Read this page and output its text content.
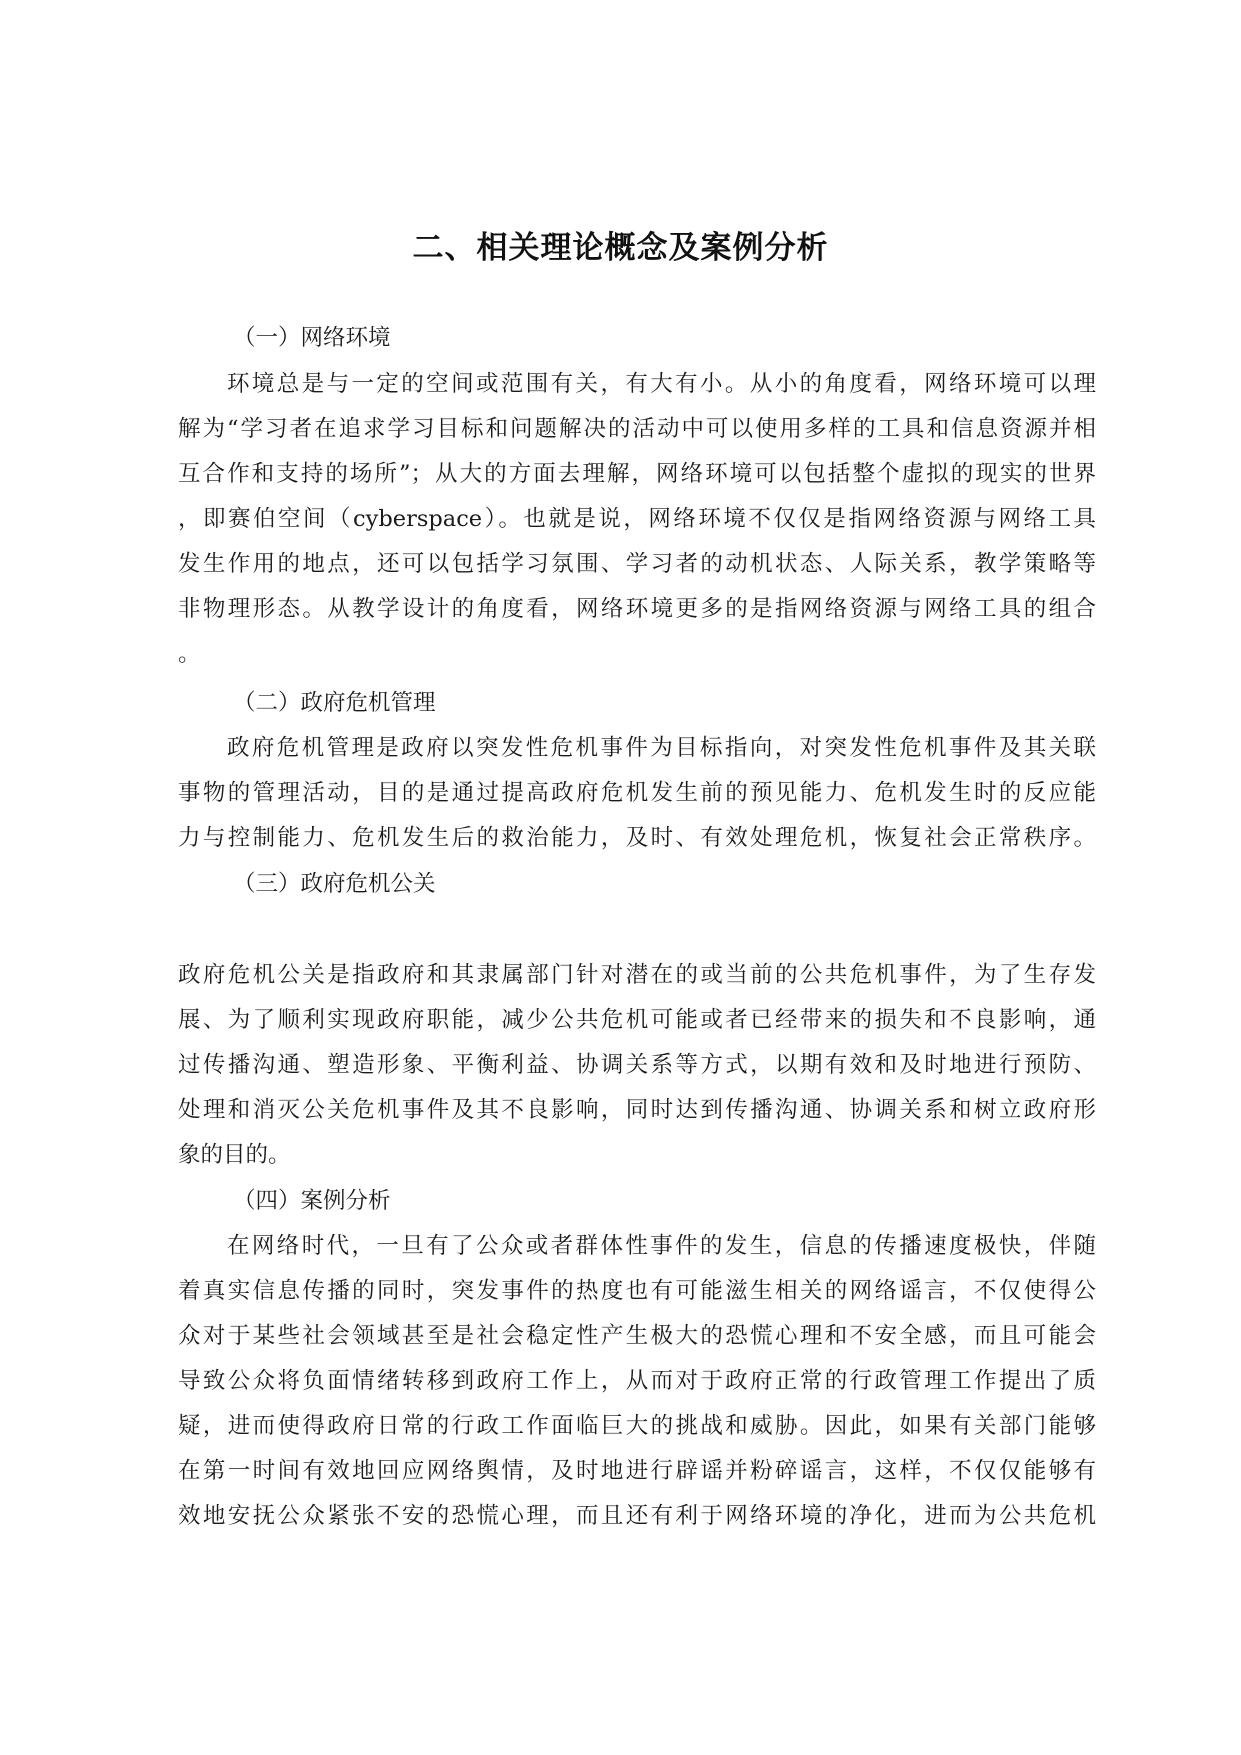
二、相关理论概念及案例分析
（一）网络环境
环境总是与一定的空间或范围有关，有大有小。从小的角度看，网络环境可以理
解为“学习者在追求学习目标和问题解决的活动中可以使用多样的工具和信息资源并相
互合作和支持的场所”；从大的方面去理解，网络环境可以包括整个虚拟的现实的世界
，即赛伯空间（cyberspace）。也就是说，网络环境不仅仅是指网络资源与网络工具
发生作用的地点，还可以包括学习氛围、学习者的动机状态、人际关系，教学策略等
非物理形态。从教学设计的角度看，网络环境更多的是指网络资源与网络工具的组合
。
（二）政府危机管理
政府危机管理是政府以突发性危机事件为目标指向，对突发性危机事件及其关联
事物的管理活动，目的是通过提高政府危机发生前的预见能力、危机发生时的反应能
力与控制能力、危机发生后的救治能力，及时、有效处理危机，恢复社会正常秩序。
（三）政府危机公关
政府危机公关是指政府和其隶属部门针对潜在的或当前的公共危机事件，为了生存发
展、为了顺利实现政府职能，减少公共危机可能或者已经带来的损失和不良影响，通
过传播沟通、塑造形象、平衡利益、协调关系等方式，以期有效和及时地进行预防、
处理和消灭公关危机事件及其不良影响，同时达到传播沟通、协调关系和树立政府形
象的目的。
（四）案例分析
在网络时代，一旦有了公众或者群体性事件的发生，信息的传播速度极快，伴随
着真实信息传播的同时，突发事件的热度也有可能滋生相关的网络谣言，不仅使得公
众对于某些社会领域甚至是社会稳定性产生极大的恐慌心理和不安全感，而且可能会
导致公众将负面情绪转移到政府工作上，从而对于政府正常的行政管理工作提出了质
疑，进而使得政府日常的行政工作面临巨大的挑战和威胁。因此，如果有关部门能够
在第一时间有效地回应网络舆情，及时地进行辟谣并粉碎谣言，这样，不仅仅能够有
效地安抚公众紧张不安的恐慌心理，而且还有利于网络环境的净化，进而为公共危机
